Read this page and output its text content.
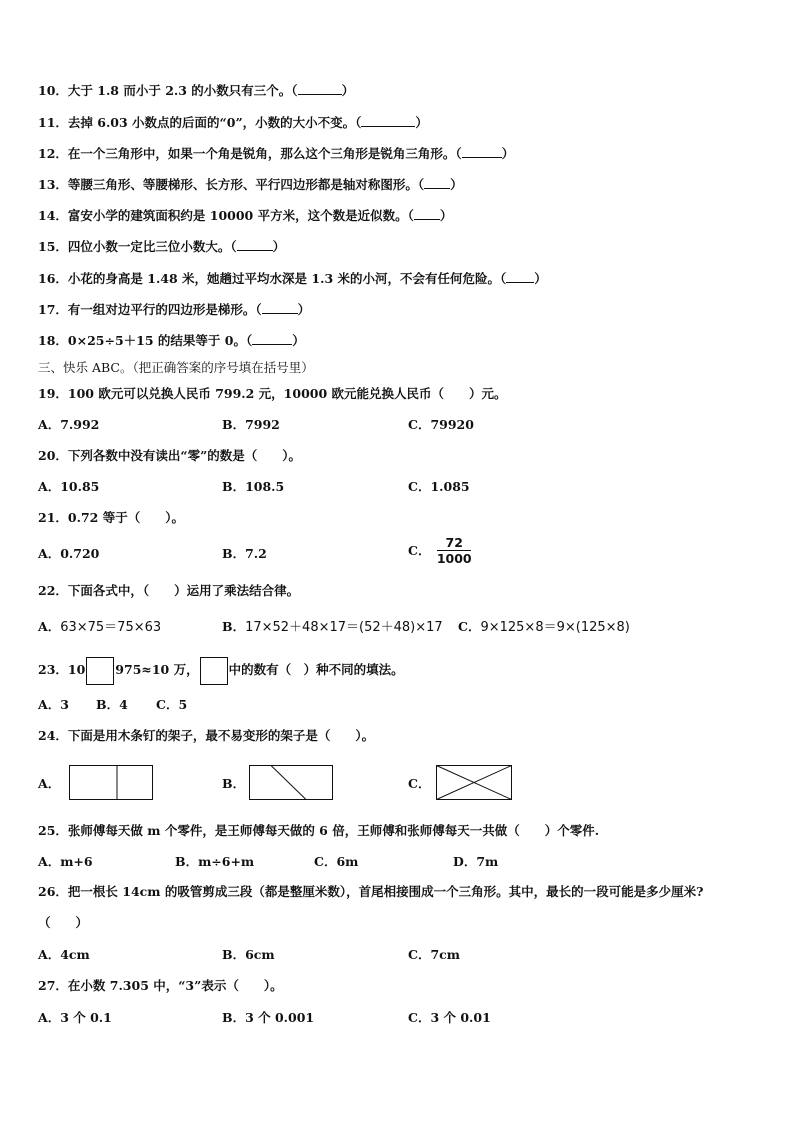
10．大于 1.8 而小于 2.3 的小数只有三个。（	）
11．去掉 6.03 小数点的后面的“0”，小数的大小不变。（	）
12．在一个三角形中，如果一个角是锐角，那么这个三角形是锐角三角形。（	）
13．等腰三角形、等腰梯形、长方形、平行四边形都是轴对称图形。（ ）
14．富安小学的建筑面积约是 10000 平方米，这个数是近似数。（ ）
15．四位小数一定比三位小数大。（	）
16．小花的身高是 1.48 米，她趟过平均水深是 1.3 米的小河，不会有任何危险。（ ）
17．有一组对边平行的四边形是梯形。（	）
18．0×25÷5＋15 的结果等于 0。（	）
三、快乐 ABC。（把正确答案的序号填在括号里）
19．100 欧元可以兑换人民币 799.2 元，10000 欧元能兑换人民币（　　）元。
A．7.992	B．7992	C．79920
20．下列各数中没有读出“零”的数是（　　）。
A．10.85	B．108.5	C．1.085
21．0.72 等于（　　）。
A．0.720	B．7.2	C． $\frac{72}{1000}$
22．下面各式中，（　　）运用了乘法结合律。
A．63×75＝75×63	B．17×52＋48×17＝(52＋48)×17 C．9×125×8＝9×(125×8)
23．10 975≈10 万， 中的数有（　）种不同的填法。
A．3 B．4 C．5
24．下面是用木条钉的架子，最不易变形的架子是（　　）。
A．	B．	C．
25．张师傅每天做 m 个零件，是王师傅每天做的 6 倍，王师傅和张师傅每天一共做（　　）个零件.
A．m+6	B．m÷6+m	C．6m	D．7m
26．把一根长 14cm 的吸管剪成三段（都是整厘米数），首尾相接围成一个三角形。其中，最长的一段可能是多少厘米?
（　　）
A．4cm	B．6cm	C．7cm
27．在小数 7.305 中，“3”表示（　　）。
A．3 个 0.1	B．3 个 0.001	C．3 个 0.01
